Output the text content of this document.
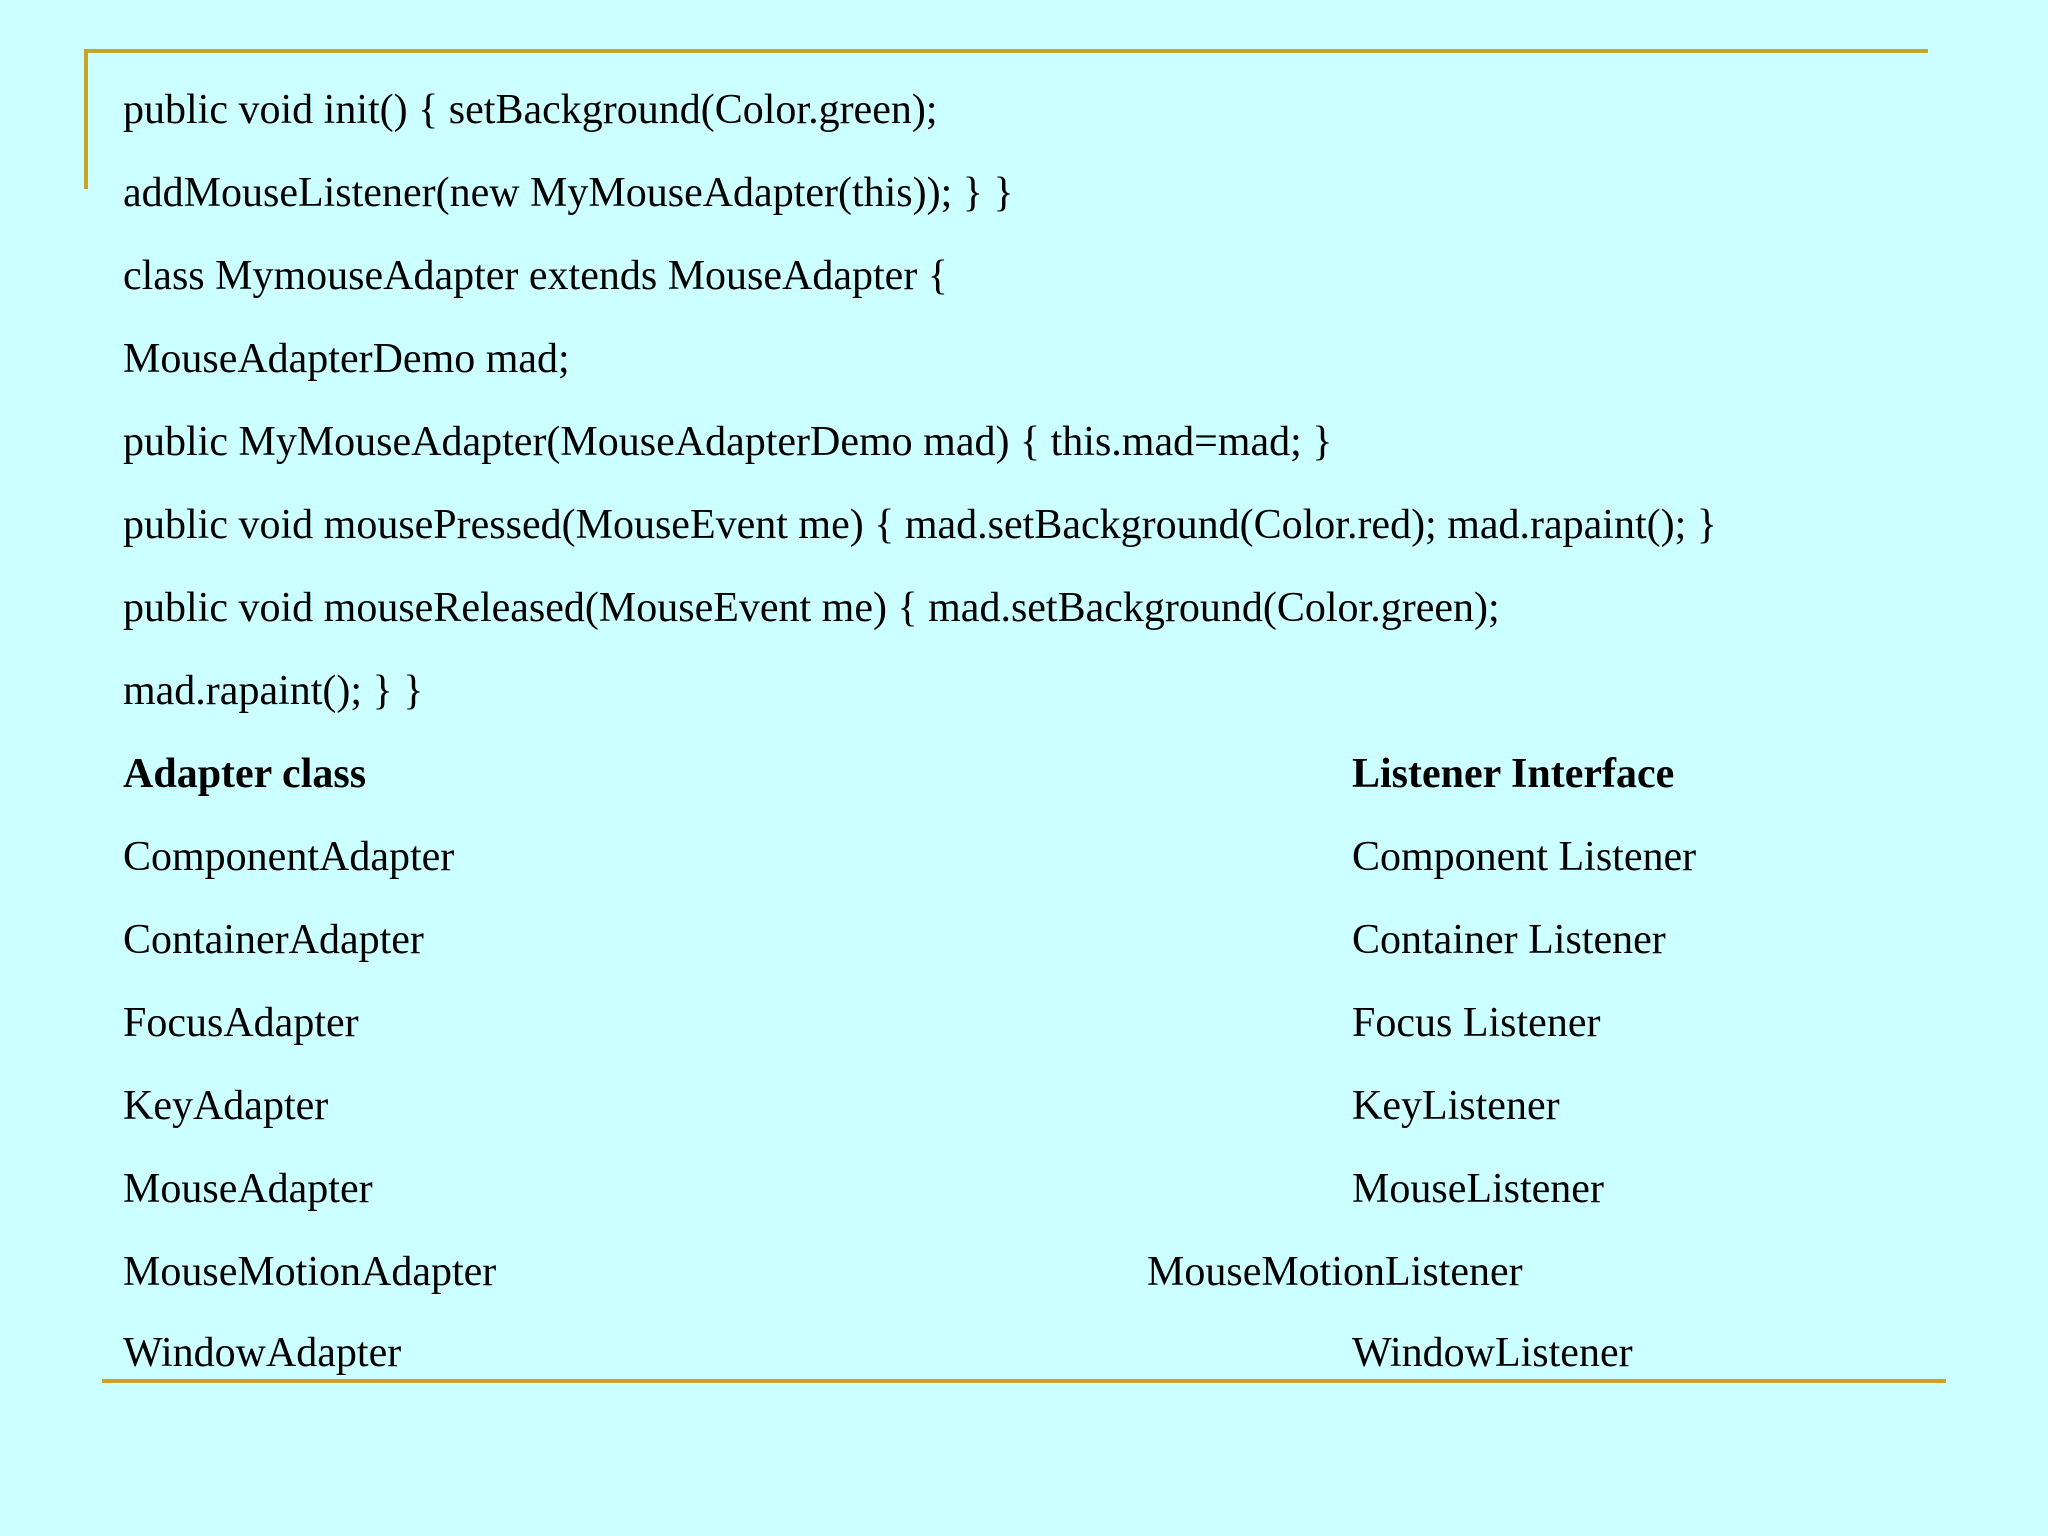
public void init() { setBackground(Color.green);
addMouseListener(new MyMouseAdapter(this)); } }
class MymouseAdapter extends MouseAdapter {
MouseAdapterDemo mad;
public MyMouseAdapter(MouseAdapterDemo mad) { this.mad=mad; }
public void mousePressed(MouseEvent me) { mad.setBackground(Color.red); mad.rapaint(); }
public void mouseReleased(MouseEvent me) { mad.setBackground(Color.green);
mad.rapaint(); } }
Adapter class	Listener Interface
ComponentAdapter	Component Listener
ContainerAdapter	Container Listener
FocusAdapter	Focus Listener
KeyAdapter	KeyListener
MouseAdapter	MouseListener
MouseMotionAdapter	MouseMotionListener
WindowAdapter	WindowListener
